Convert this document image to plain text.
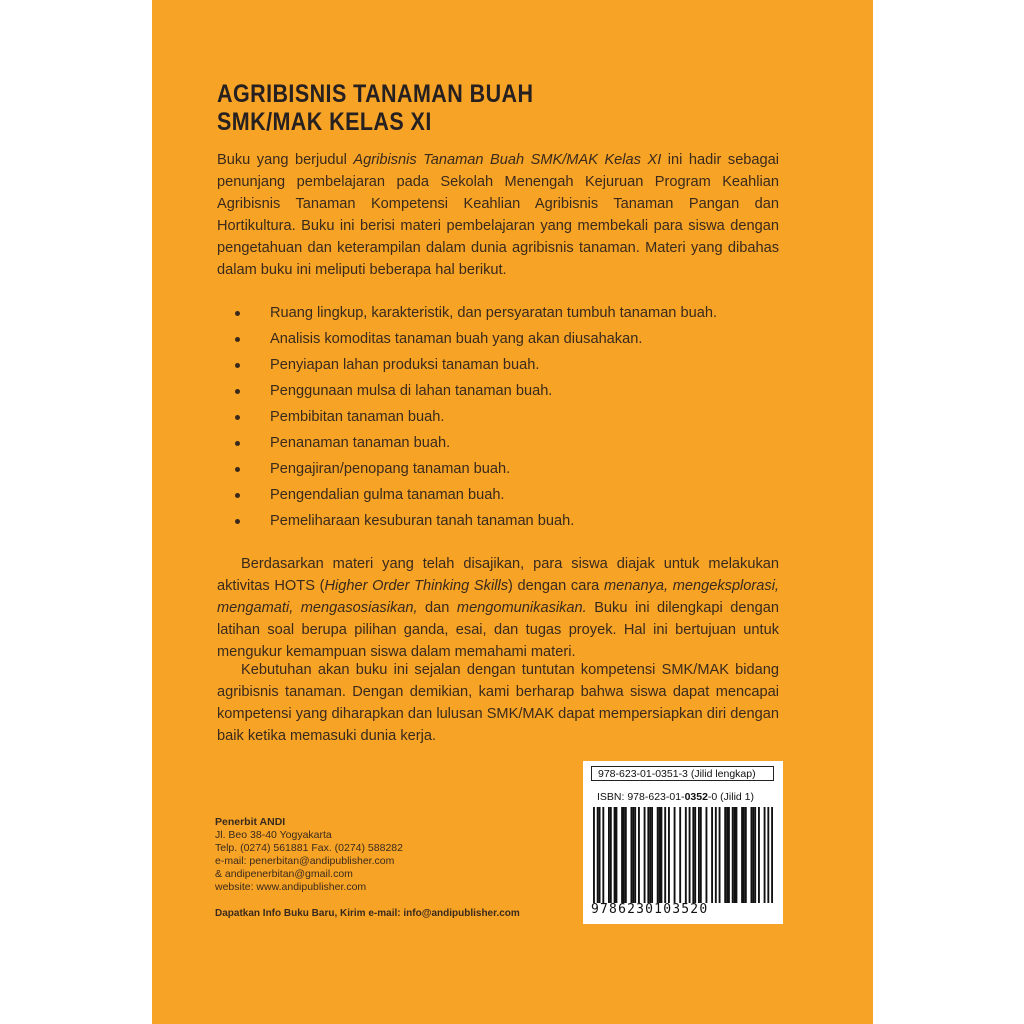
AGRIBISNIS TANAMAN BUAH
SMK/MAK KELAS XI

Buku yang berjudul Agribisnis Tanaman Buah SMK/MAK Kelas XI ini hadir sebagai penunjang pembelajaran pada Sekolah Menengah Kejuruan Program Keahlian Agribisnis Tanaman Kompetensi Keahlian Agribisnis Tanaman Pangan dan Hortikultura. Buku ini berisi materi pembelajaran yang membekali para siswa dengan pengetahuan dan keterampilan dalam dunia agribisnis tanaman. Materi yang dibahas dalam buku ini meliputi beberapa hal berikut.

Ruang lingkup, karakteristik, dan persyaratan tumbuh tanaman buah.
Analisis komoditas tanaman buah yang akan diusahakan.
Penyiapan lahan produksi tanaman buah.
Penggunaan mulsa di lahan tanaman buah.
Pembibitan tanaman buah.
Penanaman tanaman buah.
Pengajiran/penopang tanaman buah.
Pengendalian gulma tanaman buah.
Pemeliharaan kesuburan tanah tanaman buah.

Berdasarkan materi yang telah disajikan, para siswa diajak untuk melakukan aktivitas HOTS (Higher Order Thinking Skills) dengan cara menanya, mengeksplorasi, mengamati, mengasosiasikan, dan mengomunikasikan. Buku ini dilengkapi dengan latihan soal berupa pilihan ganda, esai, dan tugas proyek. Hal ini bertujuan untuk mengukur kemampuan siswa dalam memahami materi.

Kebutuhan akan buku ini sejalan dengan tuntutan kompetensi SMK/MAK bidang agribisnis tanaman. Dengan demikian, kami berharap bahwa siswa dapat mencapai kompetensi yang diharapkan dan lulusan SMK/MAK dapat mempersiapkan diri dengan baik ketika memasuki dunia kerja.

Penerbit ANDI
Jl. Beo 38-40 Yogyakarta
Telp. (0274) 561881 Fax. (0274) 588282
e-mail: penerbitan@andipublisher.com
& andipenerbitan@gmail.com
website: www.andipublisher.com
Dapatkan Info Buku Baru, Kirim e-mail: info@andipublisher.com
978-623-01-0351-3 (Jilid lengkap)
ISBN: 978-623-01-0352-0 (Jilid 1)
9786230103520
